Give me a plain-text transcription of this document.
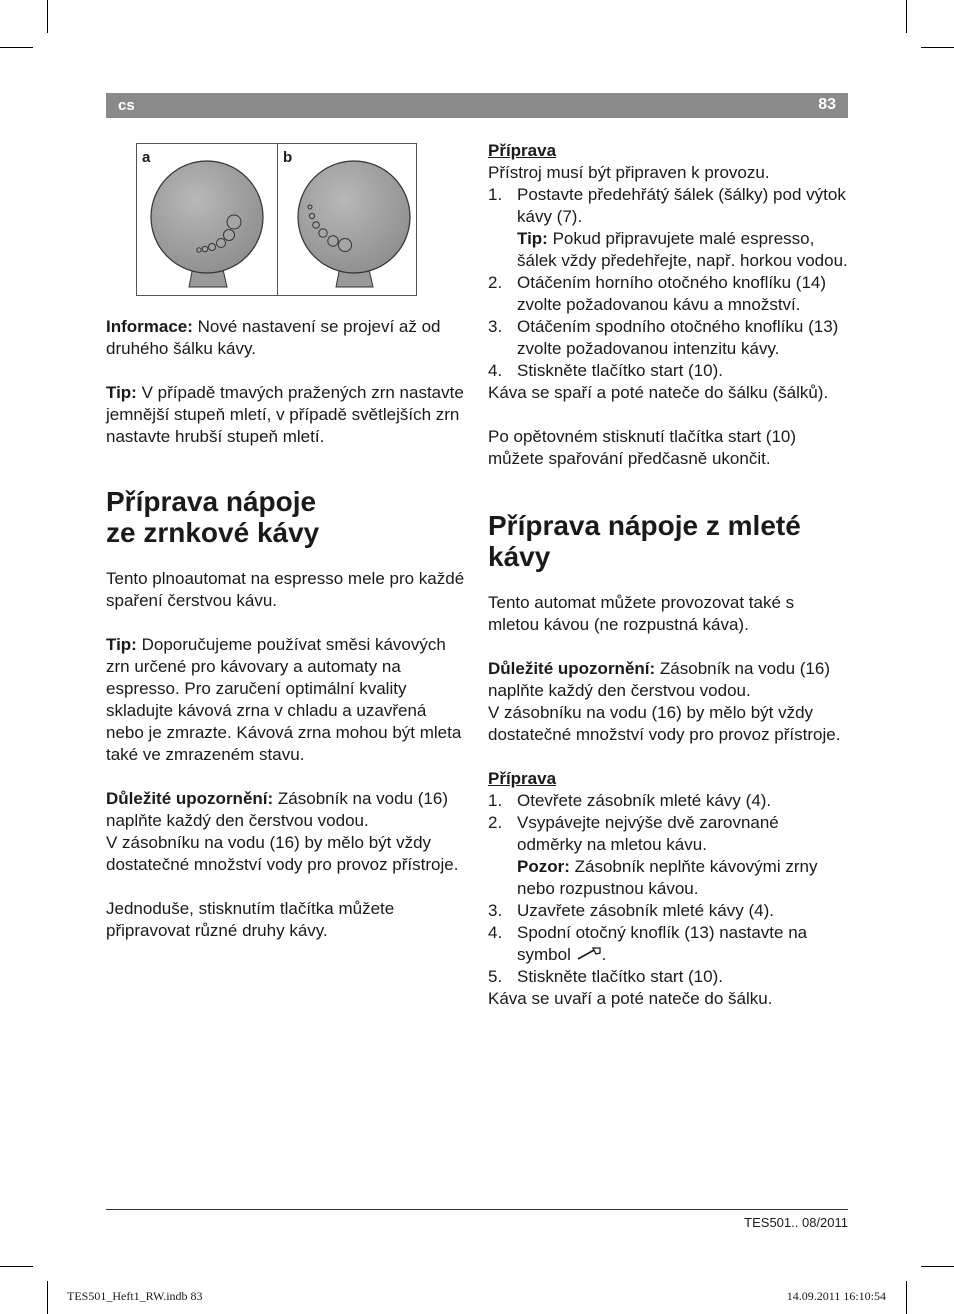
cs	83
a	b

Informace: Nové nastavení se projeví až od druhého šálku kávy.

Tip: V případě tmavých pražených zrn nastavte jemnější stupeň mletí, v případě světlejších zrn nastavte hrubší stupeň mletí.

Příprava nápoje
ze zrnkové kávy

Tento plnoautomat na espresso mele pro každé spaření čerstvou kávu.

Tip: Doporučujeme používat směsi kávových zrn určené pro kávovary a automaty na espresso. Pro zaručení optimální kvality skladujte kávová zrna v chladu a uzavřená nebo je zmrazte. Kávová zrna mohou být mleta také ve zmrazeném stavu.

Důležité upozornění: Zásobník na vodu (16) naplňte každý den čerstvou vodou.

V zásobníku na vodu (16) by mělo být vždy dostatečné množství vody pro provoz přístroje.

Jednoduše, stisknutím tlačítka můžete připravovat různé druhy kávy.

Příprava

Přístroj musí být připraven k provozu.

1. Postavte předehřátý šálek (šálky) pod výtok kávy (7).
Tip: Pokud připravujete malé espresso, šálek vždy předehřejte, např. horkou vodou.
2. Otáčením horního otočného knoflíku (14) zvolte požadovanou kávu a množství.
3. Otáčením spodního otočného knoflíku (13) zvolte požadovanou intenzitu kávy.
4. Stiskněte tlačítko start (10).

Káva se spaří a poté nateče do šálku (šálků).

Po opětovném stisknutí tlačítka start (10) můžete spařování předčasně ukončit.

Příprava nápoje z mleté kávy

Tento automat můžete provozovat také s mletou kávou (ne rozpustná káva).

Důležité upozornění: Zásobník na vodu (16) naplňte každý den čerstvou vodou.

V zásobníku na vodu (16) by mělo být vždy dostatečné množství vody pro provoz přístroje.

Příprava

1. Otevřete zásobník mleté kávy (4).
2. Vsypávejte nejvýše dvě zarovnané odměrky na mletou kávu.
Pozor: Zásobník neplňte kávovými zrny nebo rozpustnou kávou.
3. Uzavřete zásobník mleté kávy (4).
4. Spodní otočný knoflík (13) nastavte na symbol .
5. Stiskněte tlačítko start (10).

Káva se uvaří a poté nateče do šálku.

TES501.. 08/2011
TES501_Heft1_RW.indb 83	14.09.2011 16:10:54
